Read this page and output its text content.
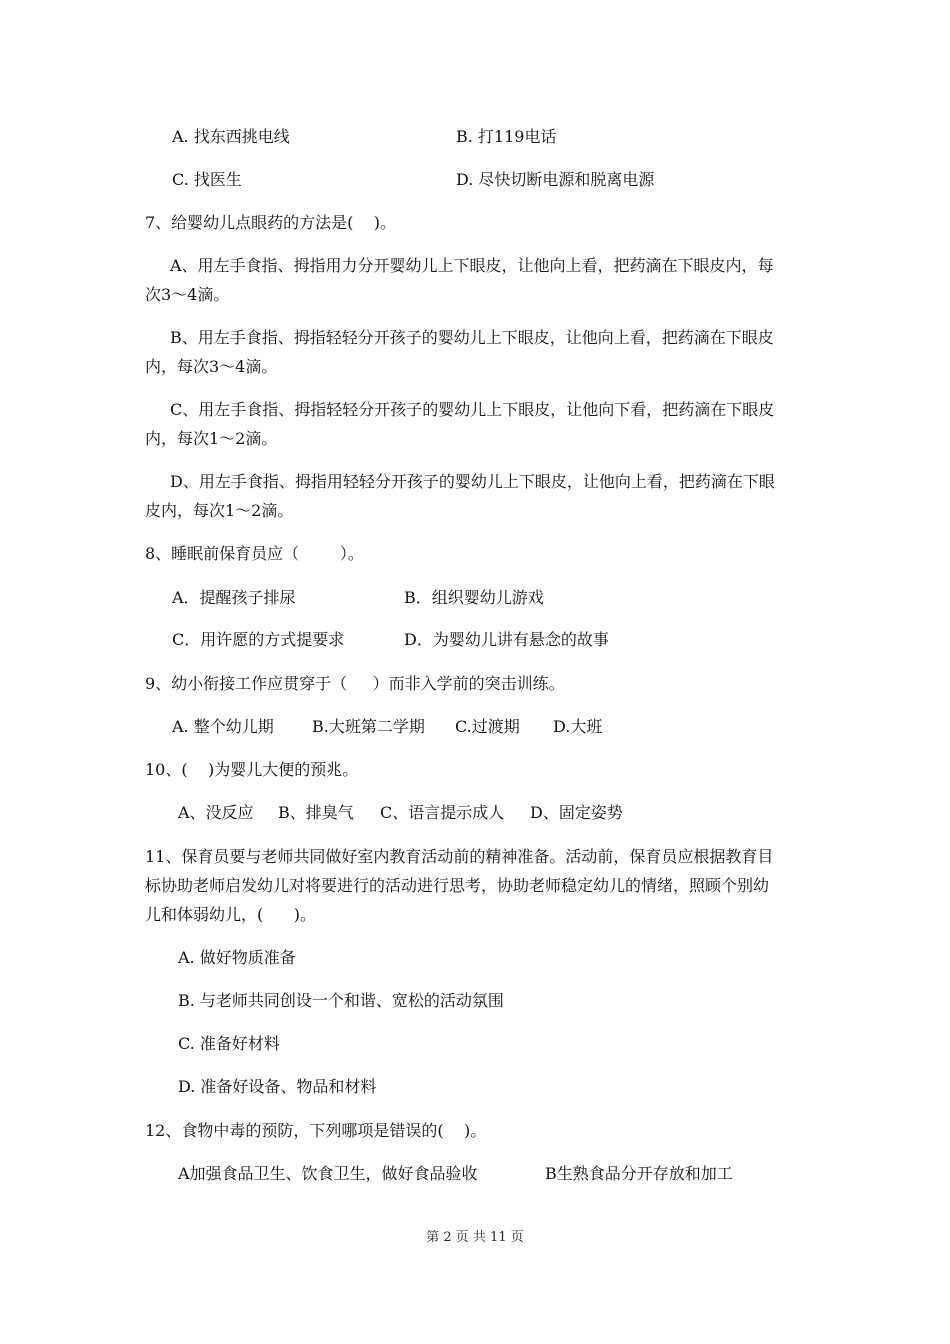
A. 找东西挑电线	B. 打119电话
C. 找医生	D. 尽快切断电源和脱离电源
7、给婴幼儿点眼药的方法是(    )。
A、用左手食指、拇指用力分开婴幼儿上下眼皮，让他向上看，把药滴在下眼皮内，每
次3～4滴。
B、用左手食指、拇指轻轻分开孩子的婴幼儿上下眼皮，让他向上看，把药滴在下眼皮
内，每次3～4滴。
C、用左手食指、拇指轻轻分开孩子的婴幼儿上下眼皮，让他向下看，把药滴在下眼皮
内，每次1～2滴。
D、用左手食指、拇指用轻轻分开孩子的婴幼儿上下眼皮，让他向上看，把药滴在下眼
皮内，每次1～2滴。
8、睡眠前保育员应（        ）。
A．提醒孩子排尿	B．组织婴幼儿游戏
C．用许愿的方式提要求	D．为婴幼儿讲有悬念的故事
9、幼小衔接工作应贯穿于（     ）而非入学前的突击训练。
A. 整个幼儿期 B.大班第二学期 C.过渡期 D.大班
10、(    )为婴儿大便的预兆。
A、没反应 B、排臭气 C、语言提示成人 D、固定姿势
11、保育员要与老师共同做好室内教育活动前的精神准备。活动前，保育员应根据教育目
标协助老师启发幼儿对将要进行的活动进行思考，协助老师稳定幼儿的情绪，照顾个别幼
儿和体弱幼儿，(      )。
A. 做好物质准备
B. 与老师共同创设一个和谐、宽松的活动氛围
C. 准备好材料
D. 准备好设备、物品和材料
12、食物中毒的预防，下列哪项是错误的(    )。
A加强食品卫生、饮食卫生，做好食品验收	B生熟食品分开存放和加工
第 2 页 共 11 页
